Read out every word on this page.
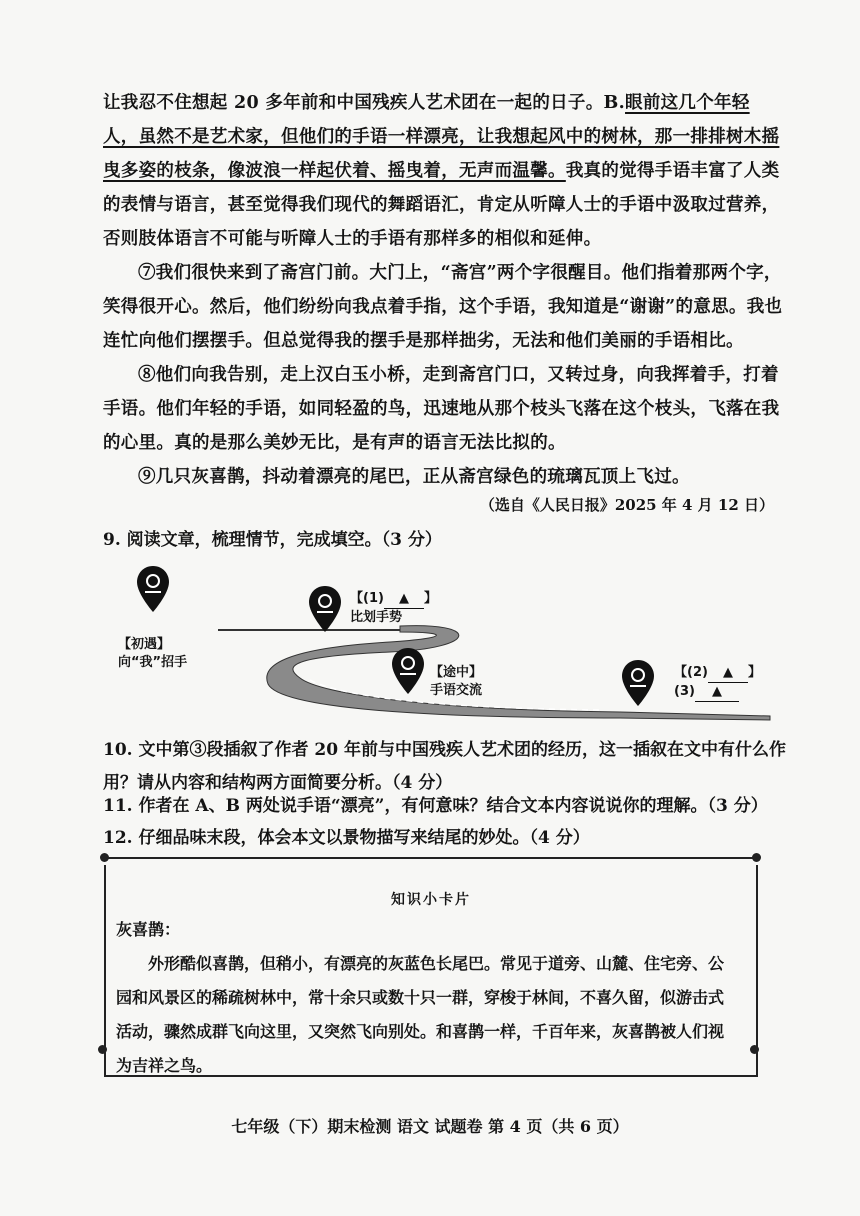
让我忍不住想起 20 多年前和中国残疾人艺术团在一起的日子。B.眼前这几个年轻人，虽然不是艺术家，但他们的手语一样漂亮，让我想起风中的树林，那一排排树木摇曳多姿的枝条，像波浪一样起伏着、摇曳着，无声而温馨。我真的觉得手语丰富了人类的表情与语言，甚至觉得我们现代的舞蹈语汇，肯定从听障人士的手语中汲取过营养，否则肢体语言不可能与听障人士的手语有那样多的相似和延伸。

⑦我们很快来到了斋宫门前。大门上，“斋宫”两个字很醒目。他们指着那两个字，笑得很开心。然后，他们纷纷向我点着手指，这个手语，我知道是“谢谢”的意思。我也连忙向他们摆摆手。但总觉得我的摆手是那样拙劣，无法和他们美丽的手语相比。

⑧他们向我告别，走上汉白玉小桥，走到斋宫门口，又转过身，向我挥着手，打着手语。他们年轻的手语，如同轻盈的鸟，迅速地从那个枝头飞落在这个枝头，飞落在我的心里。真的是那么美妙无比，是有声的语言无法比拟的。

⑨几只灰喜鹊，抖动着漂亮的尾巴，正从斋宫绿色的琉璃瓦顶上飞过。

（选自《人民日报》2025 年 4 月 12 日）

9. 阅读文章，梳理情节，完成填空。（3 分）

【初遇】
向“我”招手
【(1) ▲ 】
比划手势
【途中】
手语交流
【(2) ▲ 】
(3) ▲

10. 文中第③段插叙了作者 20 年前与中国残疾人艺术团的经历，这一插叙在文中有什么作用？请从内容和结构两方面简要分析。（4 分）

11. 作者在 A、B 两处说手语“漂亮”，有何意味？结合文本内容说说你的理解。（3 分）

12. 仔细品味末段，体会本文以景物描写来结尾的妙处。（4 分）

知识小卡片
灰喜鹊：

外形酷似喜鹊，但稍小，有漂亮的灰蓝色长尾巴。常见于道旁、山麓、住宅旁、公园和风景区的稀疏树林中，常十余只或数十只一群，穿梭于林间，不喜久留，似游击式活动，骤然成群飞向这里，又突然飞向别处。和喜鹊一样，千百年来，灰喜鹊被人们视为吉祥之鸟。

七年级（下）期末检测 语文 试题卷 第 4 页（共 6 页）
